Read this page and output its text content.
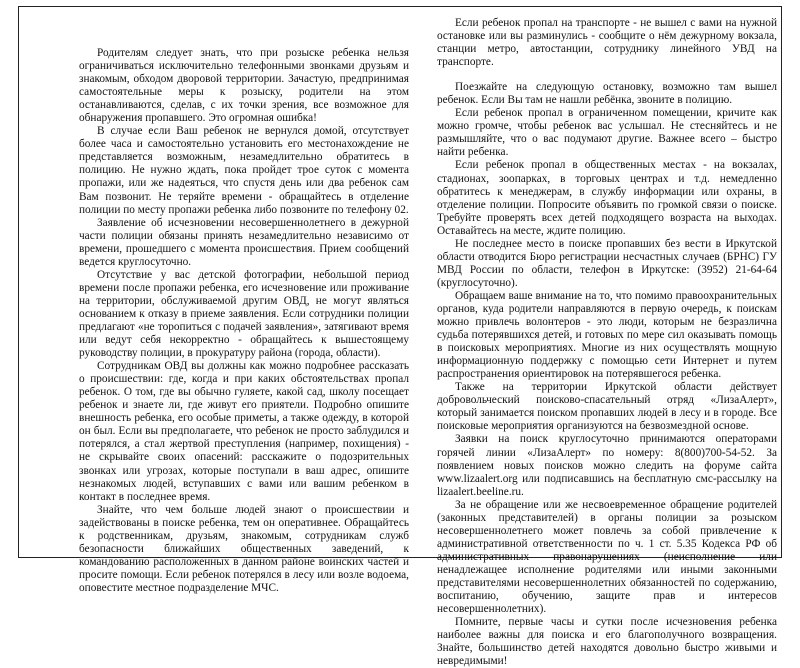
Родителям следует знать, что при розыске ребенка нельзя ограничиваться исключительно телефонными звонками друзьям и знакомым, обходом дворовой территории. Зачастую, предпринимая самостоятельные меры к розыску, родители на этом останавливаются, сделав, с их точки зрения, все возможное для обнаружения пропавшего. Это огромная ошибка!

В случае если Ваш ребенок не вернулся домой, отсутствует более часа и самостоятельно установить его местонахождение не представляется возможным, незамедлительно обратитесь в полицию. Не нужно ждать, пока пройдет трое суток с момента пропажи, или же надеяться, что спустя день или два ребенок сам Вам позвонит. Не теряйте времени - обращайтесь в отделение полиции по месту пропажи ребенка либо позвоните по телефону 02.

Заявление об исчезновении несовершеннолетнего в дежурной части полиции обязаны принять незамедлительно независимо от времени, прошедшего с момента происшествия. Прием сообщений ведется круглосуточно.

Отсутствие у вас детской фотографии, небольшой период времени после пропажи ребенка, его исчезновение или проживание на территории, обслуживаемой другим ОВД, не могут являться основанием к отказу в приеме заявления. Если сотрудники полиции предлагают «не торопиться с подачей заявления», затягивают время или ведут себя некорректно - обращайтесь к вышестоящему руководству полиции, в прокуратуру района (города, области).

Сотрудникам ОВД вы должны как можно подробнее рассказать о происшествии: где, когда и при каких обстоятельствах пропал ребенок. О том, где вы обычно гуляете, какой сад, школу посещает ребенок и знаете ли, где живут его приятели. Подробно опишите внешность ребенка, его особые приметы, а также одежду, в которой он был. Если вы предполагаете, что ребенок не просто заблудился и потерялся, а стал жертвой преступления (например, похищения) - не скрывайте своих опасений: расскажите о подозрительных звонках или угрозах, которые поступали в ваш адрес, опишите незнакомых людей, вступавших с вами или вашим ребенком в контакт в последнее время.

Знайте, что чем больше людей знают о происшествии и задействованы в поиске ребенка, тем он оперативнее. Обращайтесь к родственникам, друзьям, знакомым, сотрудникам служб безопасности ближайших общественных заведений, к командованию расположенных в данном районе воинских частей и просите помощи. Если ребенок потерялся в лесу или возле водоема, оповестите местное подразделение МЧС.

Если ребенок пропал на транспорте - не вышел с вами на нужной остановке или вы разминулись - сообщите о нём дежурному вокзала, станции метро, автостанции, сотруднику линейного УВД на транспорте.

Поезжайте на следующую остановку, возможно там вышел ребенок. Если Вы там не нашли ребёнка, звоните в полицию.

Если ребенок пропал в ограниченном помещении, кричите как можно громче, чтобы ребенок вас услышал. Не стесняйтесь и не размышляйте, что о вас подумают другие. Важнее всего – быстро найти ребенка.

Если ребенок пропал в общественных местах - на вокзалах, стадионах, зоопарках, в торговых центрах и т.д. немедленно обратитесь к менеджерам, в службу информации или охраны, в отделение полиции. Попросите объявить по громкой связи о поиске. Требуйте проверять всех детей подходящего возраста на выходах. Оставайтесь на месте, ждите полицию.

Не последнее место в поиске пропавших без вести в Иркутской области отводится Бюро регистрации несчастных случаев (БРНС) ГУ МВД России по области, телефон в Иркутске: (3952) 21-64-64 (круглосуточно).

Обращаем ваше внимание на то, что помимо правоохранительных органов, куда родители направляются в первую очередь, к поискам можно привлечь волонтеров - это люди, которым не безразлична судьба потерявшихся детей, и готовых по мере сил оказывать помощь в поисковых мероприятиях. Многие из них осуществлять мощную информационную поддержку с помощью сети Интернет и путем распространения ориентировок на потерявшегося ребенка.

Также на территории Иркутской области действует добровольческий поисково-спасательный отряд «ЛизаАлерт», который занимается поиском пропавших людей в лесу и в городе. Все поисковые мероприятия организуются на безвозмездной основе.

Заявки на поиск круглосуточно принимаются операторами горячей линии «ЛизаАлерт» по номеру: 8(800)700-54-52. За появлением новых поисков можно следить на форуме сайта www.lizaalert.org или подписавшись на бесплатную смс-рассылку на lizaalert.beeline.ru.

За не обращение или же несвоевременное обращение родителей (законных представителей) в органы полиции за розыском несовершеннолетнего может повлечь за собой привлечение к административной ответственности по ч. 1 ст. 5.35 Кодекса РФ об административных правонарушениях (неисполнение или ненадлежащее исполнение родителями или иными законными представителями несовершеннолетних обязанностей по содержанию, воспитанию, обучению, защите прав и интересов несовершеннолетних).

Помните, первые часы и сутки после исчезновения ребенка наиболее важны для поиска и его благополучного возвращения. Знайте, большинство детей находятся довольно быстро живыми и невредимыми!
